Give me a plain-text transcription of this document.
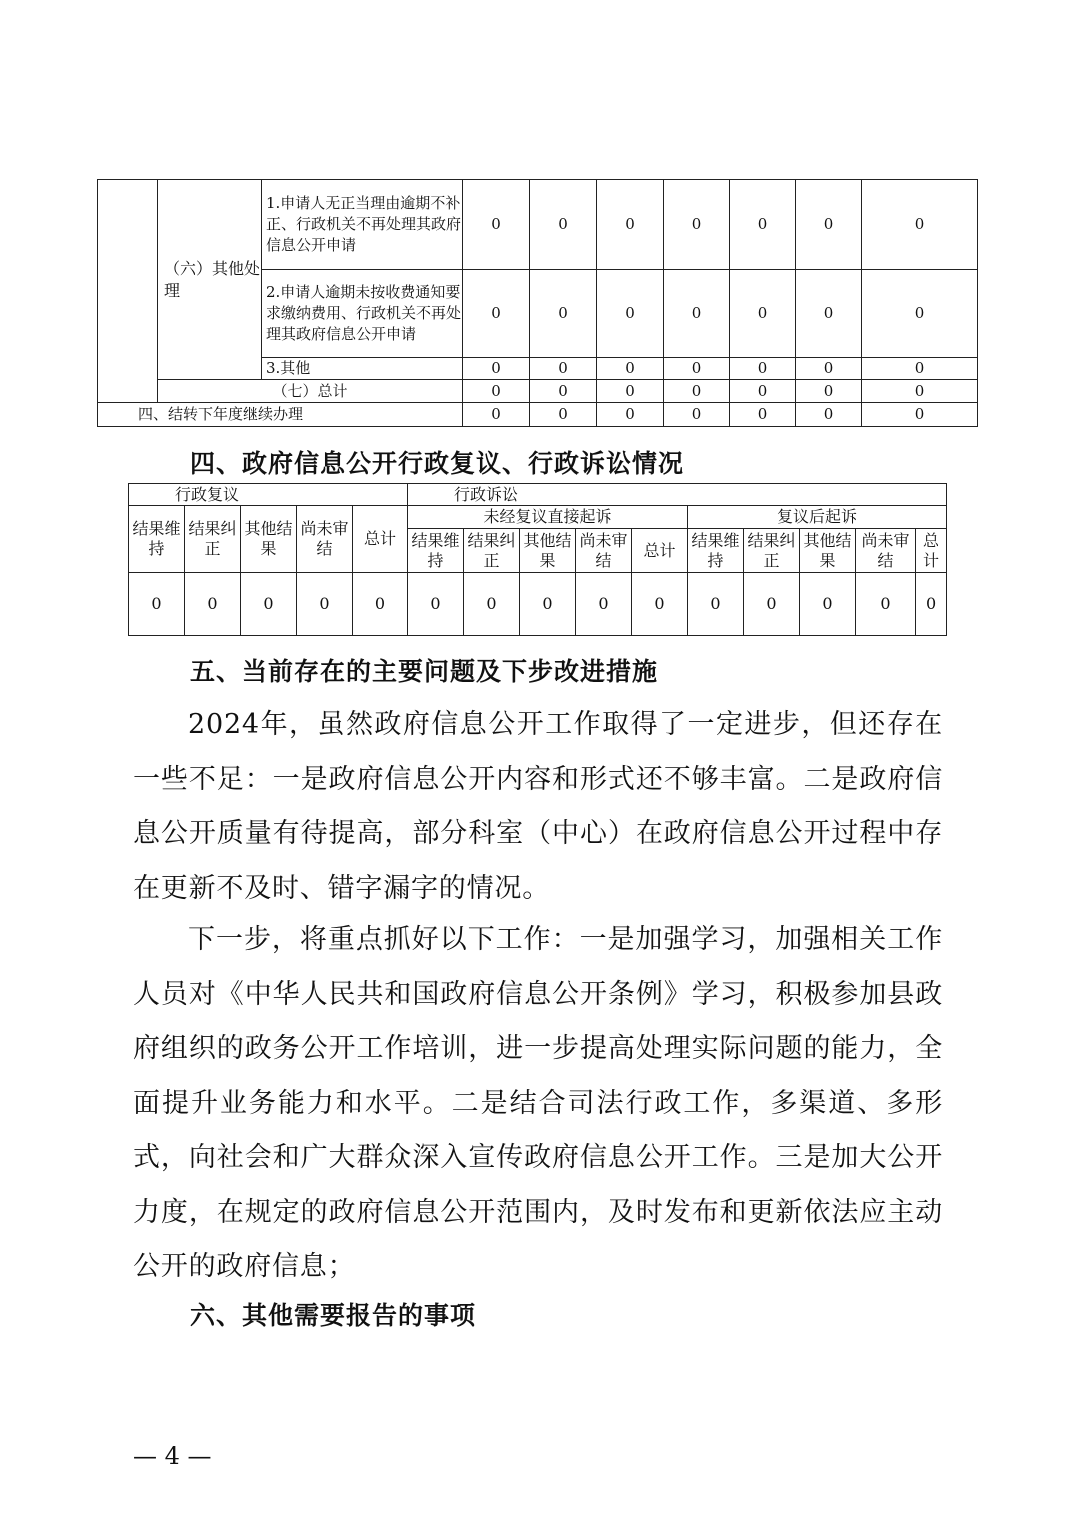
	（六）其他处理	1.申请人无正当理由逾期不补正、行政机关不再处理其政府信息公开申请	0	0	0	0	0	0	0
		2.申请人逾期未按收费通知要求缴纳费用、行政机关不再处理其政府信息公开申请	0	0	0	0	0	0	0
		3.其他	0	0	0	0	0	0	0
	（七）总计		0	0	0	0	0	0	0
四、结转下年度继续办理			0	0	0	0	0	0	0
四、政府信息公开行政复议、行政诉讼情况
行政复议					行政诉讼									
结果维持	结果纠正	其他结果	尚未审结	总计	未经复议直接起诉					复议后起诉				
					结果维持	结果纠正	其他结果	尚未审结	总计	结果维持	结果纠正	其他结果	尚未审结	总计
0	0	0	0	0	0	0	0	0	0	0	0	0	0	0
五、当前存在的主要问题及下步改进措施

2024年，虽然政府信息公开工作取得了一定进步，但还存在一些不足：一是政府信息公开内容和形式还不够丰富。二是政府信息公开质量有待提高，部分科室（中心）在政府信息公开过程中存在更新不及时、错字漏字的情况。

下一步，将重点抓好以下工作：一是加强学习，加强相关工作人员对《中华人民共和国政府信息公开条例》学习，积极参加县政府组织的政务公开工作培训，进一步提高处理实际问题的能力，全面提升业务能力和水平。二是结合司法行政工作，多渠道、多形式，向社会和广大群众深入宣传政府信息公开工作。三是加大公开力度，在规定的政府信息公开范围内，及时发布和更新依法应主动公开的政府信息；

六、其他需要报告的事项
— 4 —
